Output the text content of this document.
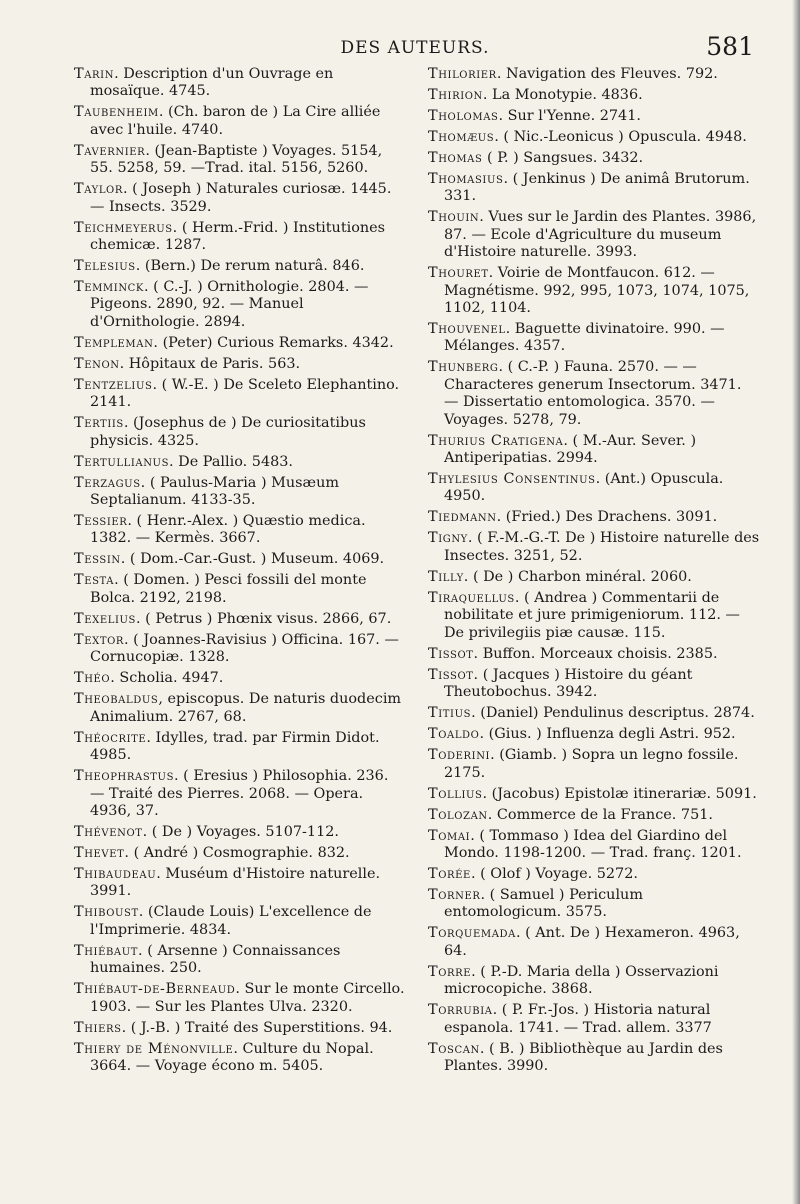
DES AUTEURS.	581
Tarin. Description d'un Ouvrage en mosaïque. 4745.
Taubenheim. (Ch. baron de ) La Cire alliée avec l'huile. 4740.
Tavernier. (Jean-Baptiste ) Voyages. 5154, 55. 5258, 59. —Trad. ital. 5156, 5260.
Taylor. ( Joseph ) Naturales curiosæ. 1445. — Insects. 3529.
Teichmeyerus. ( Herm.-Frid. ) Institutiones chemicæ. 1287.
Telesius. (Bern.) De rerum naturâ. 846.
Temminck. ( C.-J. ) Ornithologie. 2804. — Pigeons. 2890, 92. — Manuel d'Ornithologie. 2894.
Templeman. (Peter) Curious Remarks. 4342.
Tenon. Hôpitaux de Paris. 563.
Tentzelius. ( W.-E. ) De Sceleto Elephantino. 2141.
Tertiis. (Josephus de ) De curiositatibus physicis. 4325.
Tertullianus. De Pallio. 5483.
Terzagus. ( Paulus-Maria ) Musæum Septalianum. 4133-35.
Tessier. ( Henr.-Alex. ) Quæstio medica. 1382. — Kermès. 3667.
Tessin. ( Dom.-Car.-Gust. ) Museum. 4069.
Testa. ( Domen. ) Pesci fossili del monte Bolca. 2192, 2198.
Texelius. ( Petrus ) Phœnix visus. 2866, 67.
Textor. ( Joannes-Ravisius ) Officina. 167. — Cornucopiæ. 1328.
Théo. Scholia. 4947.
Theobaldus, episcopus. De naturis duodecim Animalium. 2767, 68.
Théocrite. Idylles, trad. par Firmin Didot. 4985.
Theophrastus. ( Eresius ) Philosophia. 236. — Traité des Pierres. 2068. — Opera. 4936, 37.
Thévenot. ( De ) Voyages. 5107-112.
Thevet. ( André ) Cosmographie. 832.
Thibaudeau. Muséum d'Histoire naturelle. 3991.
Thiboust. (Claude Louis) L'excellence de l'Imprimerie. 4834.
Thiébaut. ( Arsenne ) Connaissances humaines. 250.
Thiébaut-de-Berneaud. Sur le monte Circello. 1903. — Sur les Plantes Ulva. 2320.
Thiers. ( J.-B. ) Traité des Superstitions. 94.
Thiery de Ménonville. Culture du Nopal. 3664. — Voyage écono m. 5405.
Thilorier. Navigation des Fleuves. 792.
Thirion. La Monotypie. 4836.
Tholomas. Sur l'Yenne. 2741.
Thomæus. ( Nic.-Leonicus ) Opuscula. 4948.
Thomas ( P. ) Sangsues. 3432.
Thomasius. ( Jenkinus ) De animâ Brutorum. 331.
Thouin. Vues sur le Jardin des Plantes. 3986, 87. — Ecole d'Agriculture du museum d'Histoire naturelle. 3993.
Thouret. Voirie de Montfaucon. 612. — Magnétisme. 992, 995, 1073, 1074, 1075, 1102, 1104.
Thouvenel. Baguette divinatoire. 990. — Mélanges. 4357.
Thunberg. ( C.-P. ) Fauna. 2570. — — Characteres generum Insectorum. 3471. — Dissertatio entomologica. 3570. — Voyages. 5278, 79.
Thurius Cratigena. ( M.-Aur. Sever. ) Antiperipatias. 2994.
Thylesius Consentinus. (Ant.) Opuscula. 4950.
Tiedmann. (Fried.) Des Drachens. 3091.
Tigny. ( F.-M.-G.-T. De ) Histoire naturelle des Insectes. 3251, 52.
Tilly. ( De ) Charbon minéral. 2060.
Tiraquellus. ( Andrea ) Commentarii de nobilitate et jure primigeniorum. 112. — De privilegiis piæ causæ. 115.
Tissot. Buffon. Morceaux choisis. 2385.
Tissot. ( Jacques ) Histoire du géant Theutobochus. 3942.
Titius. (Daniel) Pendulinus descriptus. 2874.
Toaldo. (Gius. ) Influenza degli Astri. 952.
Toderini. (Giamb. ) Sopra un legno fossile. 2175.
Tollius. (Jacobus) Epistolæ itinerariæ. 5091.
Tolozan. Commerce de la France. 751.
Tomai. ( Tommaso ) Idea del Giardino del Mondo. 1198-1200. — Trad. franç. 1201.
Torée. ( Olof ) Voyage. 5272.
Torner. ( Samuel ) Periculum entomologicum. 3575.
Torquemada. ( Ant. De ) Hexameron. 4963, 64.
Torre. ( P.-D. Maria della ) Osservazioni microcopiche. 3868.
Torrubia. ( P. Fr.-Jos. ) Historia natural espanola. 1741. — Trad. allem. 3377
Toscan. ( B. ) Bibliothèque au Jardin des Plantes. 3990.
